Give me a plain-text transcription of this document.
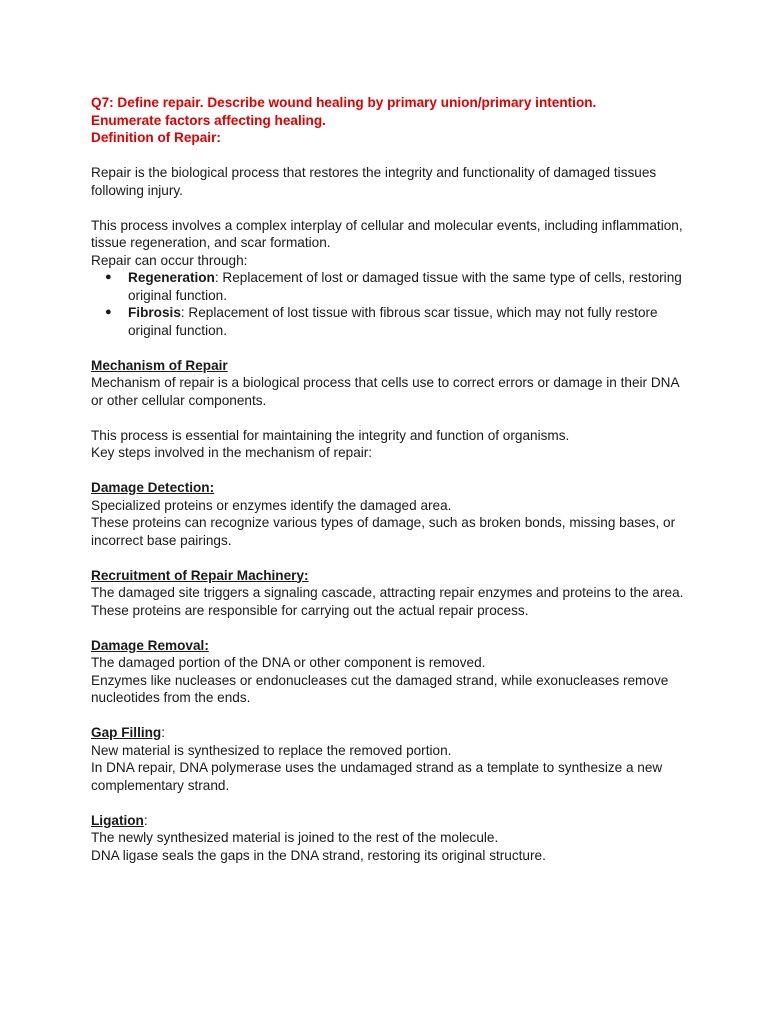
Q7: Define repair. Describe wound healing by primary union/primary intention.
Enumerate factors affecting healing.
Definition of Repair:
Repair is the biological process that restores the integrity and functionality of damaged tissues following injury.
This process involves a complex interplay of cellular and molecular events, including inflammation, tissue regeneration, and scar formation.
Repair can occur through:
● Regeneration: Replacement of lost or damaged tissue with the same type of cells, restoring original function.
● Fibrosis: Replacement of lost tissue with fibrous scar tissue, which may not fully restore original function.
Mechanism of Repair
Mechanism of repair is a biological process that cells use to correct errors or damage in their DNA or other cellular components.
This process is essential for maintaining the integrity and function of organisms.
Key steps involved in the mechanism of repair:
Damage Detection:
Specialized proteins or enzymes identify the damaged area.
These proteins can recognize various types of damage, such as broken bonds, missing bases, or incorrect base pairings.
Recruitment of Repair Machinery:
The damaged site triggers a signaling cascade, attracting repair enzymes and proteins to the area.
These proteins are responsible for carrying out the actual repair process.
Damage Removal:
The damaged portion of the DNA or other component is removed.
Enzymes like nucleases or endonucleases cut the damaged strand, while exonucleases remove nucleotides from the ends.
Gap Filling:
New material is synthesized to replace the removed portion.
In DNA repair, DNA polymerase uses the undamaged strand as a template to synthesize a new complementary strand.
Ligation:
The newly synthesized material is joined to the rest of the molecule.
DNA ligase seals the gaps in the DNA strand, restoring its original structure.
